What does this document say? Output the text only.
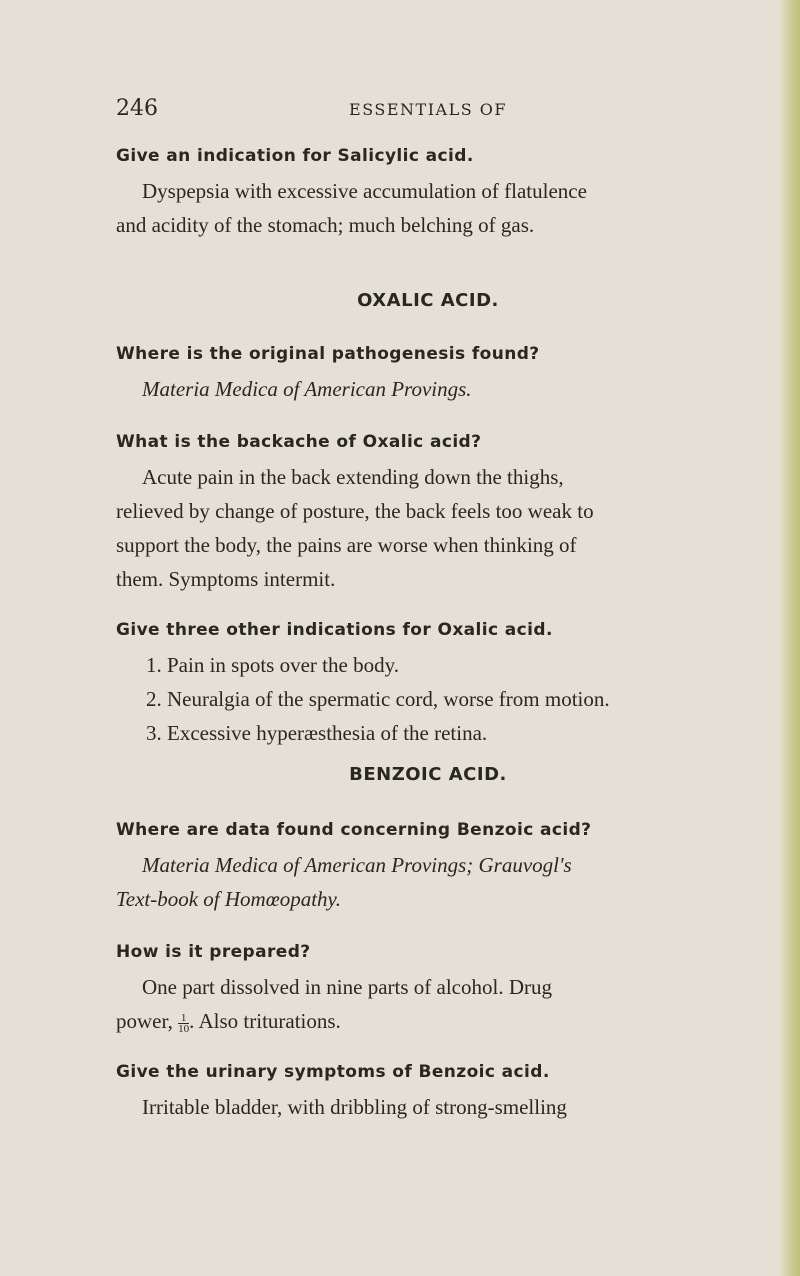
246	ESSENTIALS OF
Give an indication for Salicylic acid.
Dyspepsia with excessive accumulation of flatulence
and acidity of the stomach; much belching of gas.
OXALIC ACID.
Where is the original pathogenesis found?
Materia Medica of American Provings.
What is the backache of Oxalic acid?
Acute pain in the back extending down the thighs,
relieved by change of posture, the back feels too weak to
support the body, the pains are worse when thinking of
them. Symptoms intermit.
Give three other indications for Oxalic acid.
1. Pain in spots over the body.
2. Neuralgia of the spermatic cord, worse from motion.
3. Excessive hyperæsthesia of the retina.
BENZOIC ACID.
Where are data found concerning Benzoic acid?
Materia Medica of American Provings; Grauvogl's
Text-book of Homœopathy.
How is it prepared?
One part dissolved in nine parts of alcohol. Drug
power, $\frac{1}{10}$ . Also triturations.
Give the urinary symptoms of Benzoic acid.
Irritable bladder, with dribbling of strong-smelling
